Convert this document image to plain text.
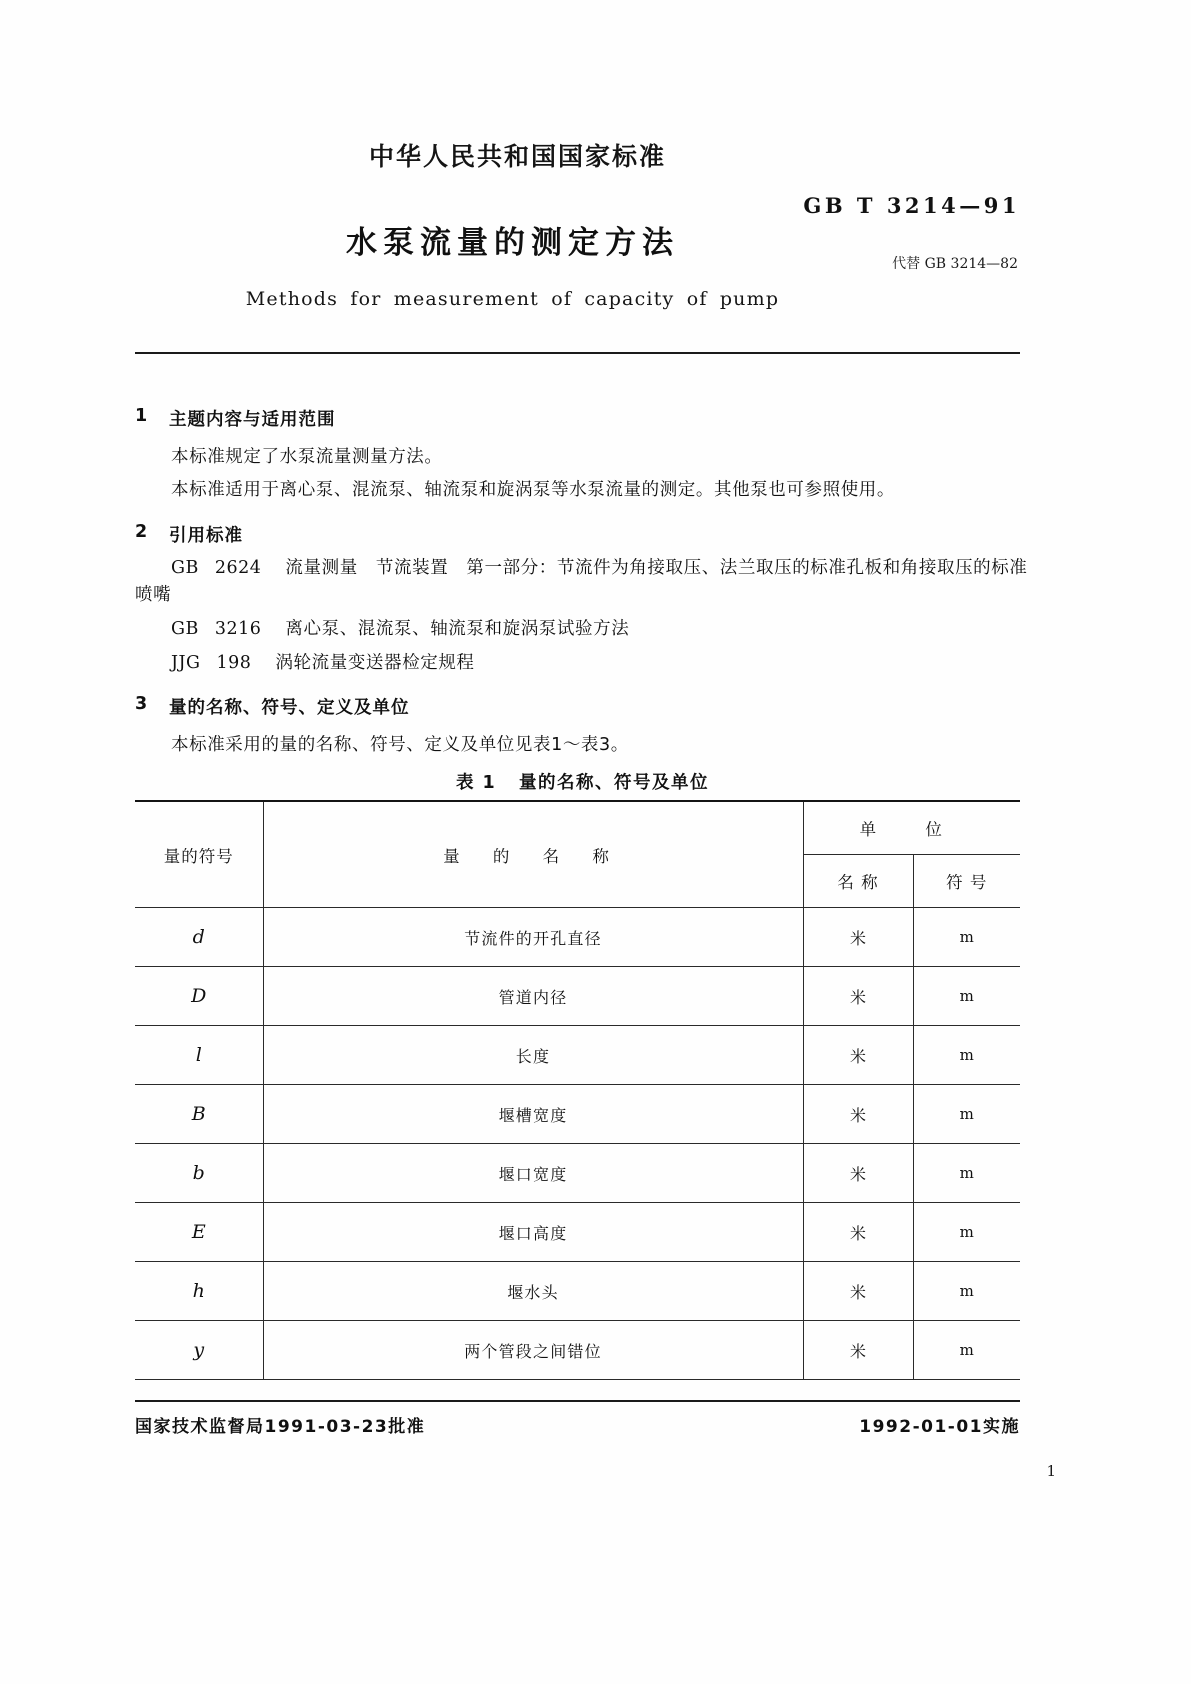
中华人民共和国国家标准
水泵流量的测定方法
Methods for measurement of capacity of pump
GB T 3214—91
代替 GB 3214—82
1	主题内容与适用范围
本标准规定了水泵流量测量方法。
本标准适用于离心泵、混流泵、轴流泵和旋涡泵等水泵流量的测定。其他泵也可参照使用。
2	引用标准
GB 2624 流量测量　节流装置　第一部分：节流件为角接取压、法兰取压的标准孔板和角接取压的标准喷嘴
GB 3216 离心泵、混流泵、轴流泵和旋涡泵试验方法
JJG 198 涡轮流量变送器检定规程
3	量的名称、符号、定义及单位
本标准采用的量的名称、符号、定义及单位见表1～表3。
表 1 量的名称、符号及单位
量的符号	量 的 名 称	单 位	
		名 称	符 号
d	节流件的开孔直径	米	m
D	管道内径	米	m
l	长度	米	m
B	堰槽宽度	米	m
b	堰口宽度	米	m
E	堰口高度	米	m
h	堰水头	米	m
y	两个管段之间错位	米	m
国家技术监督局1991-03-23批准	1992-01-01实施
1
